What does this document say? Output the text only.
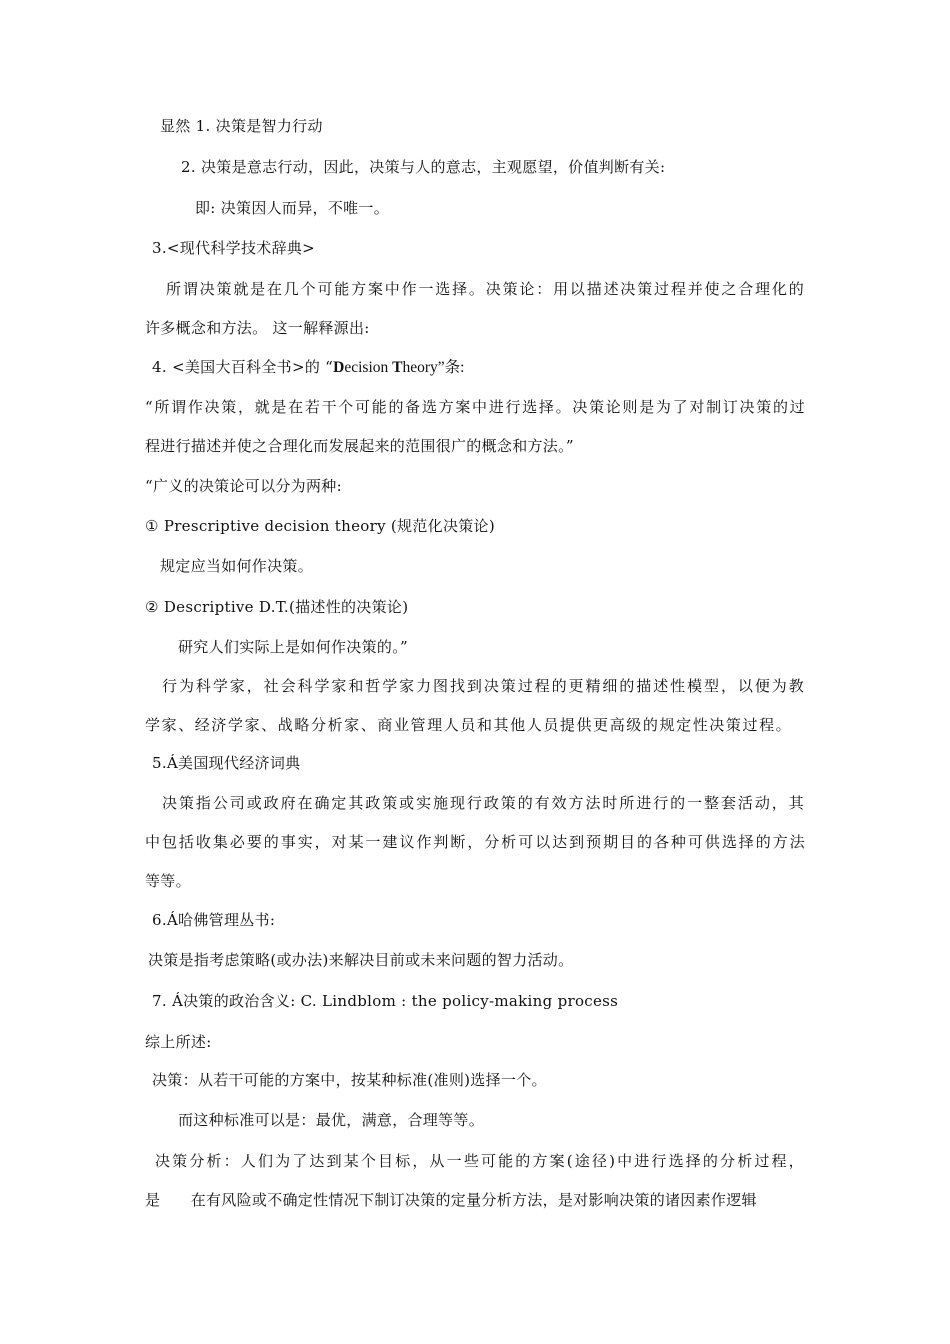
显然 1. 决策是智力行动
2. 决策是意志行动，因此，决策与人的意志，主观愿望，价值判断有关:
即: 决策因人而异，不唯一。
3.<现代科学技术辞典>
所谓决策就是在几个可能方案中作一选择。决策论：用以描述决策过程并使之合理化的
许多概念和方法。 这一解释源出:
4. <美国大百科全书>的 “Decision Theory”条:
“所谓作决策，就是在若干个可能的备选方案中进行选择。决策论则是为了对制订决策的过
程进行描述并使之合理化而发展起来的范围很广的概念和方法。”
“广义的决策论可以分为两种:
① Prescriptive decision theory (规范化决策论)
规定应当如何作决策。
② Descriptive D.T.(描述性的决策论)
研究人们实际上是如何作决策的。”
行为科学家，社会科学家和哲学家力图找到决策过程的更精细的描述性模型，以便为教
学家、经济学家、战略分析家、商业管理人员和其他人员提供更高级的规定性决策过程。
5.Á美国现代经济词典
决策指公司或政府在确定其政策或实施现行政策的有效方法时所进行的一整套活动，其
中包括收集必要的事实，对某一建议作判断，分析可以达到预期目的各种可供选择的方法
等等。
6.Á哈佛管理丛书:
决策是指考虑策略(或办法)来解决目前或未来问题的智力活动。
7. Á决策的政治含义: C. Lindblom : the policy-making process
综上所述:
决策：从若干可能的方案中，按某种标准(准则)选择一个。
而这种标准可以是：最优，满意，合理等等。
决策分析：人们为了达到某个目标，从一些可能的方案(途径)中进行选择的分析过程，
是      在有风险或不确定性情况下制订决策的定量分析方法，是对影响决策的诸因素作逻辑
